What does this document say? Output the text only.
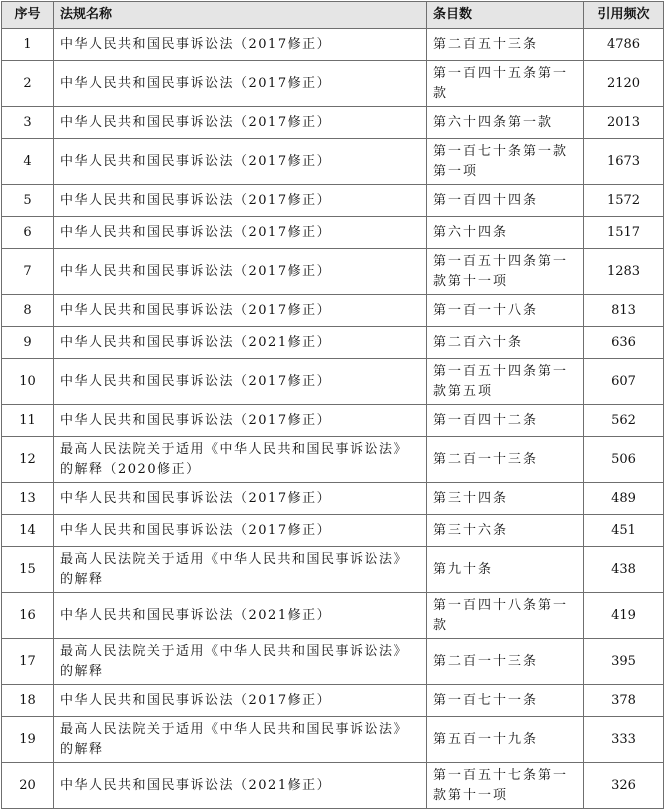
序号	法规名称	条目数	引用频次
1	中华人民共和国民事诉讼法（2017修正）	第二百五十三条	4786
2	中华人民共和国民事诉讼法（2017修正）	第一百四十五条第一款	2120
3	中华人民共和国民事诉讼法（2017修正）	第六十四条第一款	2013
4	中华人民共和国民事诉讼法（2017修正）	第一百七十条第一款第一项	1673
5	中华人民共和国民事诉讼法（2017修正）	第一百四十四条	1572
6	中华人民共和国民事诉讼法（2017修正）	第六十四条	1517
7	中华人民共和国民事诉讼法（2017修正）	第一百五十四条第一款第十一项	1283
8	中华人民共和国民事诉讼法（2017修正）	第一百一十八条	813
9	中华人民共和国民事诉讼法（2021修正）	第二百六十条	636
10	中华人民共和国民事诉讼法（2017修正）	第一百五十四条第一款第五项	607
11	中华人民共和国民事诉讼法（2017修正）	第一百四十二条	562
12	最高人民法院关于适用《中华人民共和国民事诉讼法》的解释（2020修正）	第二百一十三条	506
13	中华人民共和国民事诉讼法（2017修正）	第三十四条	489
14	中华人民共和国民事诉讼法（2017修正）	第三十六条	451
15	最高人民法院关于适用《中华人民共和国民事诉讼法》的解释	第九十条	438
16	中华人民共和国民事诉讼法（2021修正）	第一百四十八条第一款	419
17	最高人民法院关于适用《中华人民共和国民事诉讼法》的解释	第二百一十三条	395
18	中华人民共和国民事诉讼法（2017修正）	第一百七十一条	378
19	最高人民法院关于适用《中华人民共和国民事诉讼法》的解释	第五百一十九条	333
20	中华人民共和国民事诉讼法（2021修正）	第一百五十七条第一款第十一项	326
